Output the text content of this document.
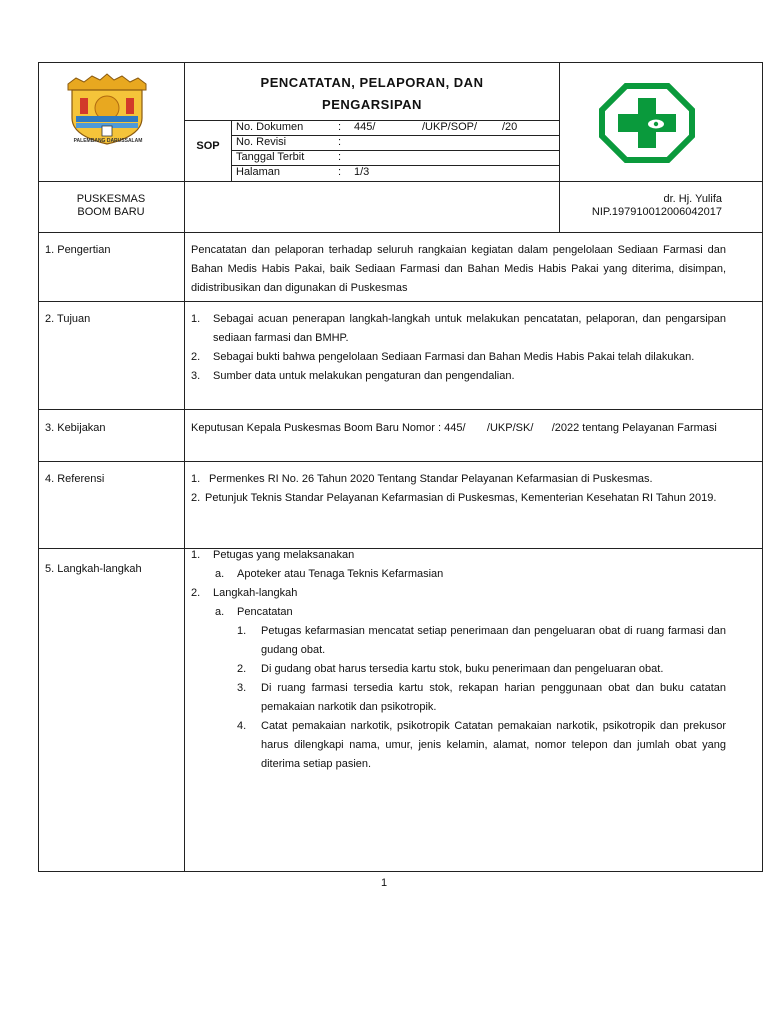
PALEMBANG DARUSSALAM
PENCATATAN, PELAPORAN, DAN
PENGARSIPAN
SOP
No. Dokumen	: 445/	/UKP/SOP/ /20
No. Revisi	:
Tanggal Terbit	:
Halaman	: 1/3
PUSKESMAS
BOOM BARU
dr. Hj. Yulifa
NIP.197910012006042017
1. Pengertian	Pencatatan dan pelaporan terhadap seluruh rangkaian kegiatan dalam pengelolaan Sediaan Farmasi dan Bahan Medis Habis Pakai, baik Sediaan Farmasi dan Bahan Medis Habis Pakai yang diterima, disimpan, didistribusikan dan digunakan di Puskesmas
2. Tujuan	1.	Sebagai acuan penerapan langkah-langkah untuk melakukan pencatatan, pelaporan, dan pengarsipan sediaan farmasi dan BMHP.
2.	Sebagai bukti bahwa pengelolaan Sediaan Farmasi dan Bahan Medis Habis Pakai telah dilakukan.
3.	Sumber data untuk melakukan pengaturan dan pengendalian.
3. Kebijakan	Keputusan Kepala Puskesmas Boom Baru Nomor : 445/       /UKP/SK/      /2022 tentang Pelayanan Farmasi
4. Referensi	1. Permenkes RI No. 26 Tahun 2020 Tentang Standar Pelayanan Kefarmasian di Puskesmas.
2. Petunjuk Teknis Standar Pelayanan Kefarmasian di Puskesmas, Kementerian Kesehatan RI Tahun 2019.
5. Langkah-langkah
1.	Petugas yang melaksanakan
a.	Apoteker atau Tenaga Teknis Kefarmasian
2.	Langkah-langkah
a.	Pencatatan
1.	Petugas kefarmasian mencatat setiap penerimaan dan pengeluaran obat di ruang farmasi dan gudang obat.
2.	Di gudang obat harus tersedia kartu stok, buku penerimaan dan pengeluaran obat.
3.	Di ruang farmasi tersedia kartu stok, rekapan harian penggunaan obat dan buku catatan pemakaian narkotik dan psikotropik.
4.	Catat pemakaian narkotik, psikotropik Catatan pemakaian narkotik, psikotropik dan prekusor harus dilengkapi nama, umur, jenis kelamin, alamat, nomor telepon dan jumlah obat yang diterima setiap pasien.
1
